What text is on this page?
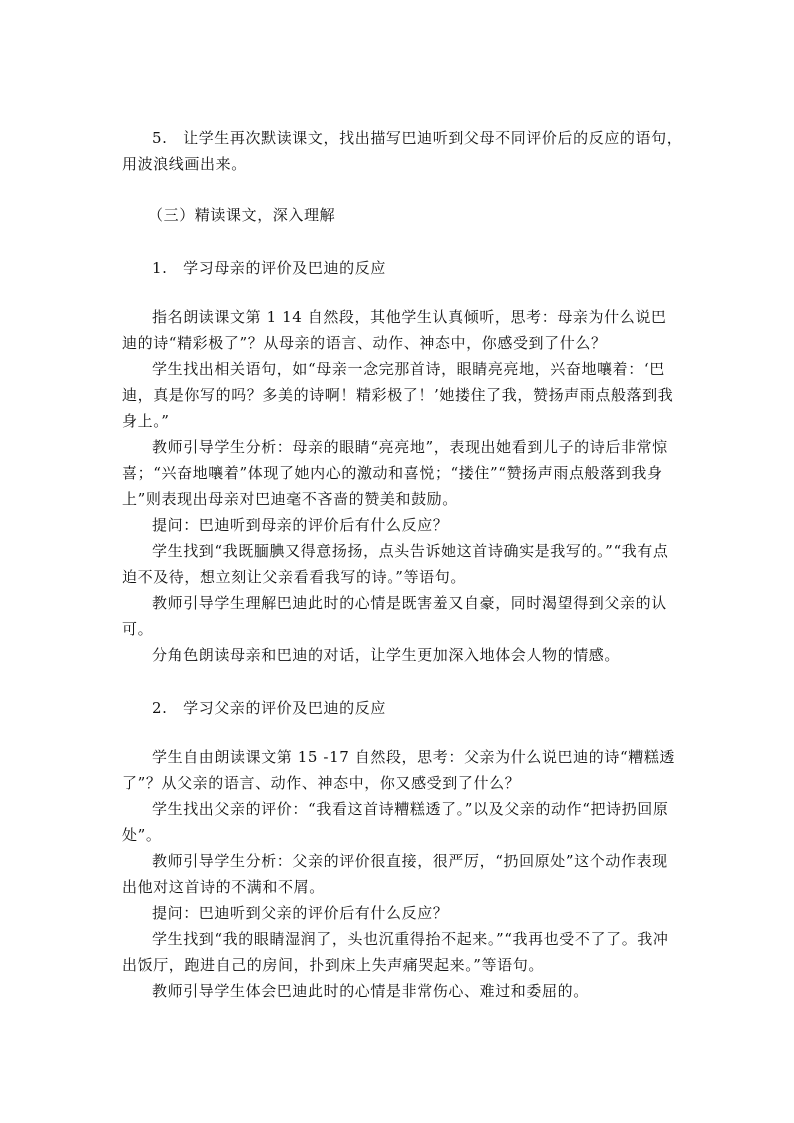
5.　让学生再次默读课文，找出描写巴迪听到父母不同评价后的反应的语句，
用波浪线画出来。
（三）精读课文，深入理解
1.　学习母亲的评价及巴迪的反应

指名朗读课文第 1 14 自然段，其他学生认真倾听，思考：母亲为什么说巴迪的诗“精彩极了”？从母亲的语言、动作、神态中，你感受到了什么？

学生找出相关语句，如“母亲一念完那首诗，眼睛亮亮地，兴奋地嚷着：‘巴迪，真是你写的吗？多美的诗啊！精彩极了！’她搂住了我，赞扬声雨点般落到我身上。”

教师引导学生分析：母亲的眼睛“亮亮地”，表现出她看到儿子的诗后非常惊喜；“兴奋地嚷着”体现了她内心的激动和喜悦；“搂住”“赞扬声雨点般落到我身上”则表现出母亲对巴迪毫不吝啬的赞美和鼓励。

提问：巴迪听到母亲的评价后有什么反应？

学生找到“我既腼腆又得意扬扬，点头告诉她这首诗确实是我写的。”“我有点迫不及待，想立刻让父亲看看我写的诗。”等语句。

教师引导学生理解巴迪此时的心情是既害羞又自豪，同时渴望得到父亲的认可。

分角色朗读母亲和巴迪的对话，让学生更加深入地体会人物的情感。

2.　学习父亲的评价及巴迪的反应

学生自由朗读课文第 15 -17 自然段，思考：父亲为什么说巴迪的诗“糟糕透了”？从父亲的语言、动作、神态中，你又感受到了什么？

学生找出父亲的评价：“我看这首诗糟糕透了。”以及父亲的动作“把诗扔回原处”。

教师引导学生分析：父亲的评价很直接，很严厉，“扔回原处”这个动作表现出他对这首诗的不满和不屑。

提问：巴迪听到父亲的评价后有什么反应？

学生找到“我的眼睛湿润了，头也沉重得抬不起来。”“我再也受不了了。我冲出饭厅，跑进自己的房间，扑到床上失声痛哭起来。”等语句。

教师引导学生体会巴迪此时的心情是非常伤心、难过和委屈的。
